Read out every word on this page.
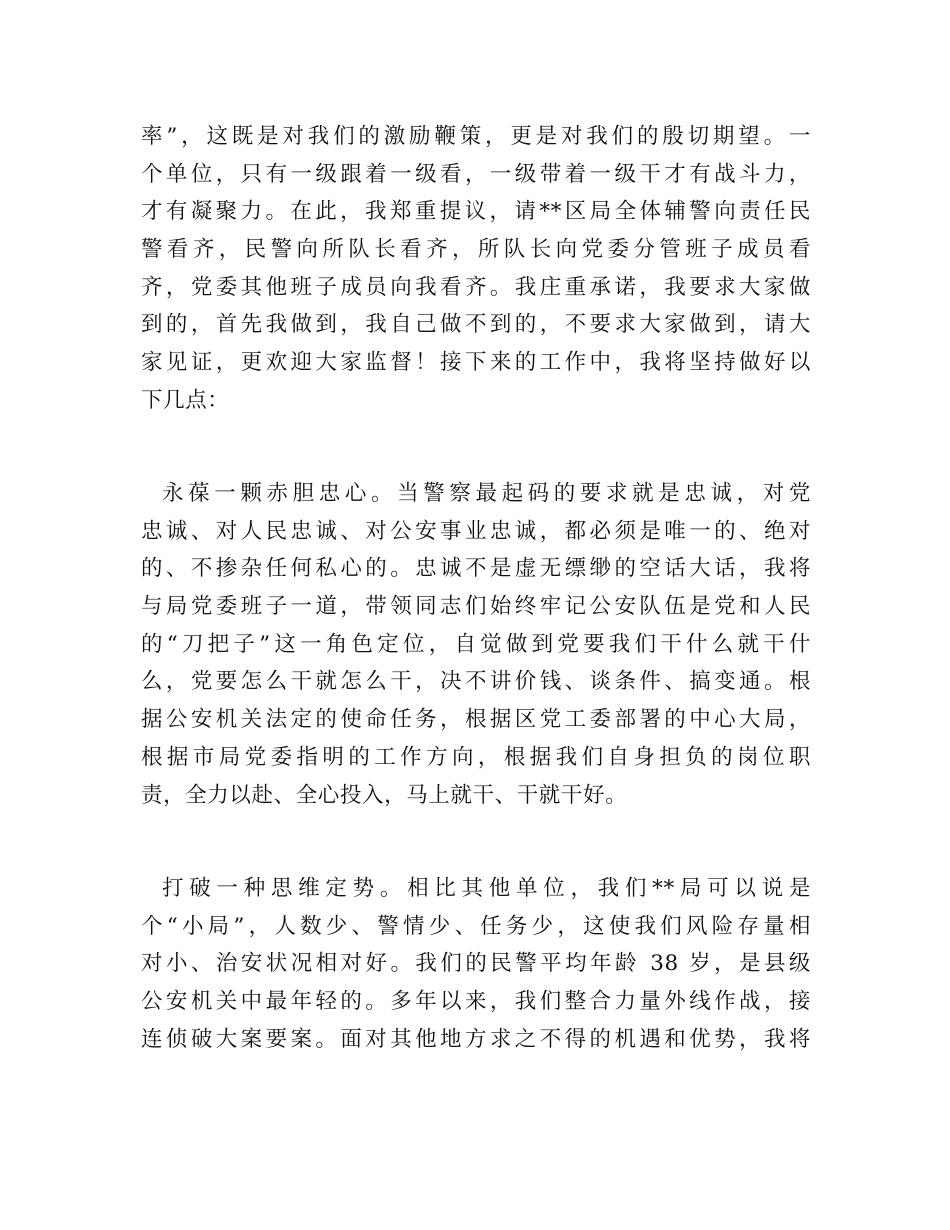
率”，这既是对我们的激励鞭策，更是对我们的殷切期望。一
个单位，只有一级跟着一级看，一级带着一级干才有战斗力，
才有凝聚力。在此，我郑重提议，请**区局全体辅警向责任民
警看齐，民警向所队长看齐，所队长向党委分管班子成员看
齐，党委其他班子成员向我看齐。我庄重承诺，我要求大家做
到的，首先我做到，我自己做不到的，不要求大家做到，请大
家见证，更欢迎大家监督！接下来的工作中，我将坚持做好以
下几点：
永葆一颗赤胆忠心。当警察最起码的要求就是忠诚，对党
忠诚、对人民忠诚、对公安事业忠诚，都必须是唯一的、绝对
的、不掺杂任何私心的。忠诚不是虚无缥缈的空话大话，我将
与局党委班子一道，带领同志们始终牢记公安队伍是党和人民
的“刀把子”这一角色定位，自觉做到党要我们干什么就干什
么，党要怎么干就怎么干，决不讲价钱、谈条件、搞变通。根
据公安机关法定的使命任务，根据区党工委部署的中心大局，
根据市局党委指明的工作方向，根据我们自身担负的岗位职
责，全力以赴、全心投入，马上就干、干就干好。
打破一种思维定势。相比其他单位，我们**局可以说是
个“小局”，人数少、警情少、任务少，这使我们风险存量相
对小、治安状况相对好。我们的民警平均年龄 38 岁，是县级
公安机关中最年轻的。多年以来，我们整合力量外线作战，接
连侦破大案要案。面对其他地方求之不得的机遇和优势，我将
